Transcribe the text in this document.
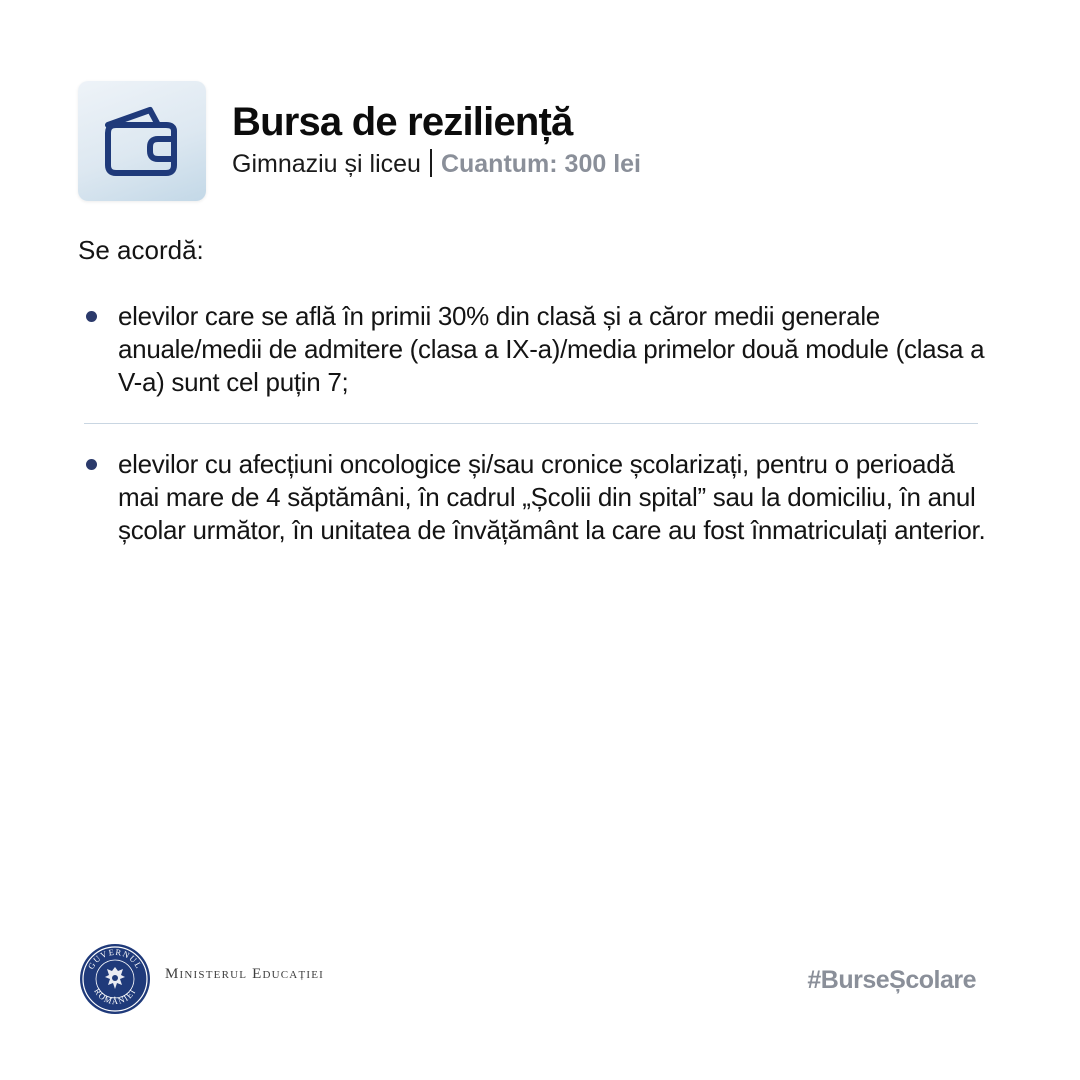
Bursa de reziliență
Gimnaziu și liceu Cuantum: 300 lei
Se acordă:
elevilor care se află în primii 30% din clasă și a căror medii generale anuale/medii de admitere (clasa a IX-a)/media primelor două module (clasa a V-a) sunt cel puțin 7;
elevilor cu afecțiuni oncologice și/sau cronice școlarizați, pentru o perioadă mai mare de 4 săptămâni, în cadrul „Școlii din spital” sau la domiciliu, în anul școlar următor, în unitatea de învățământ la care au fost înmatriculați anterior.
GUVERNUL
ROMÂNIEI
Ministerul Educației	#BurseȘcolare
